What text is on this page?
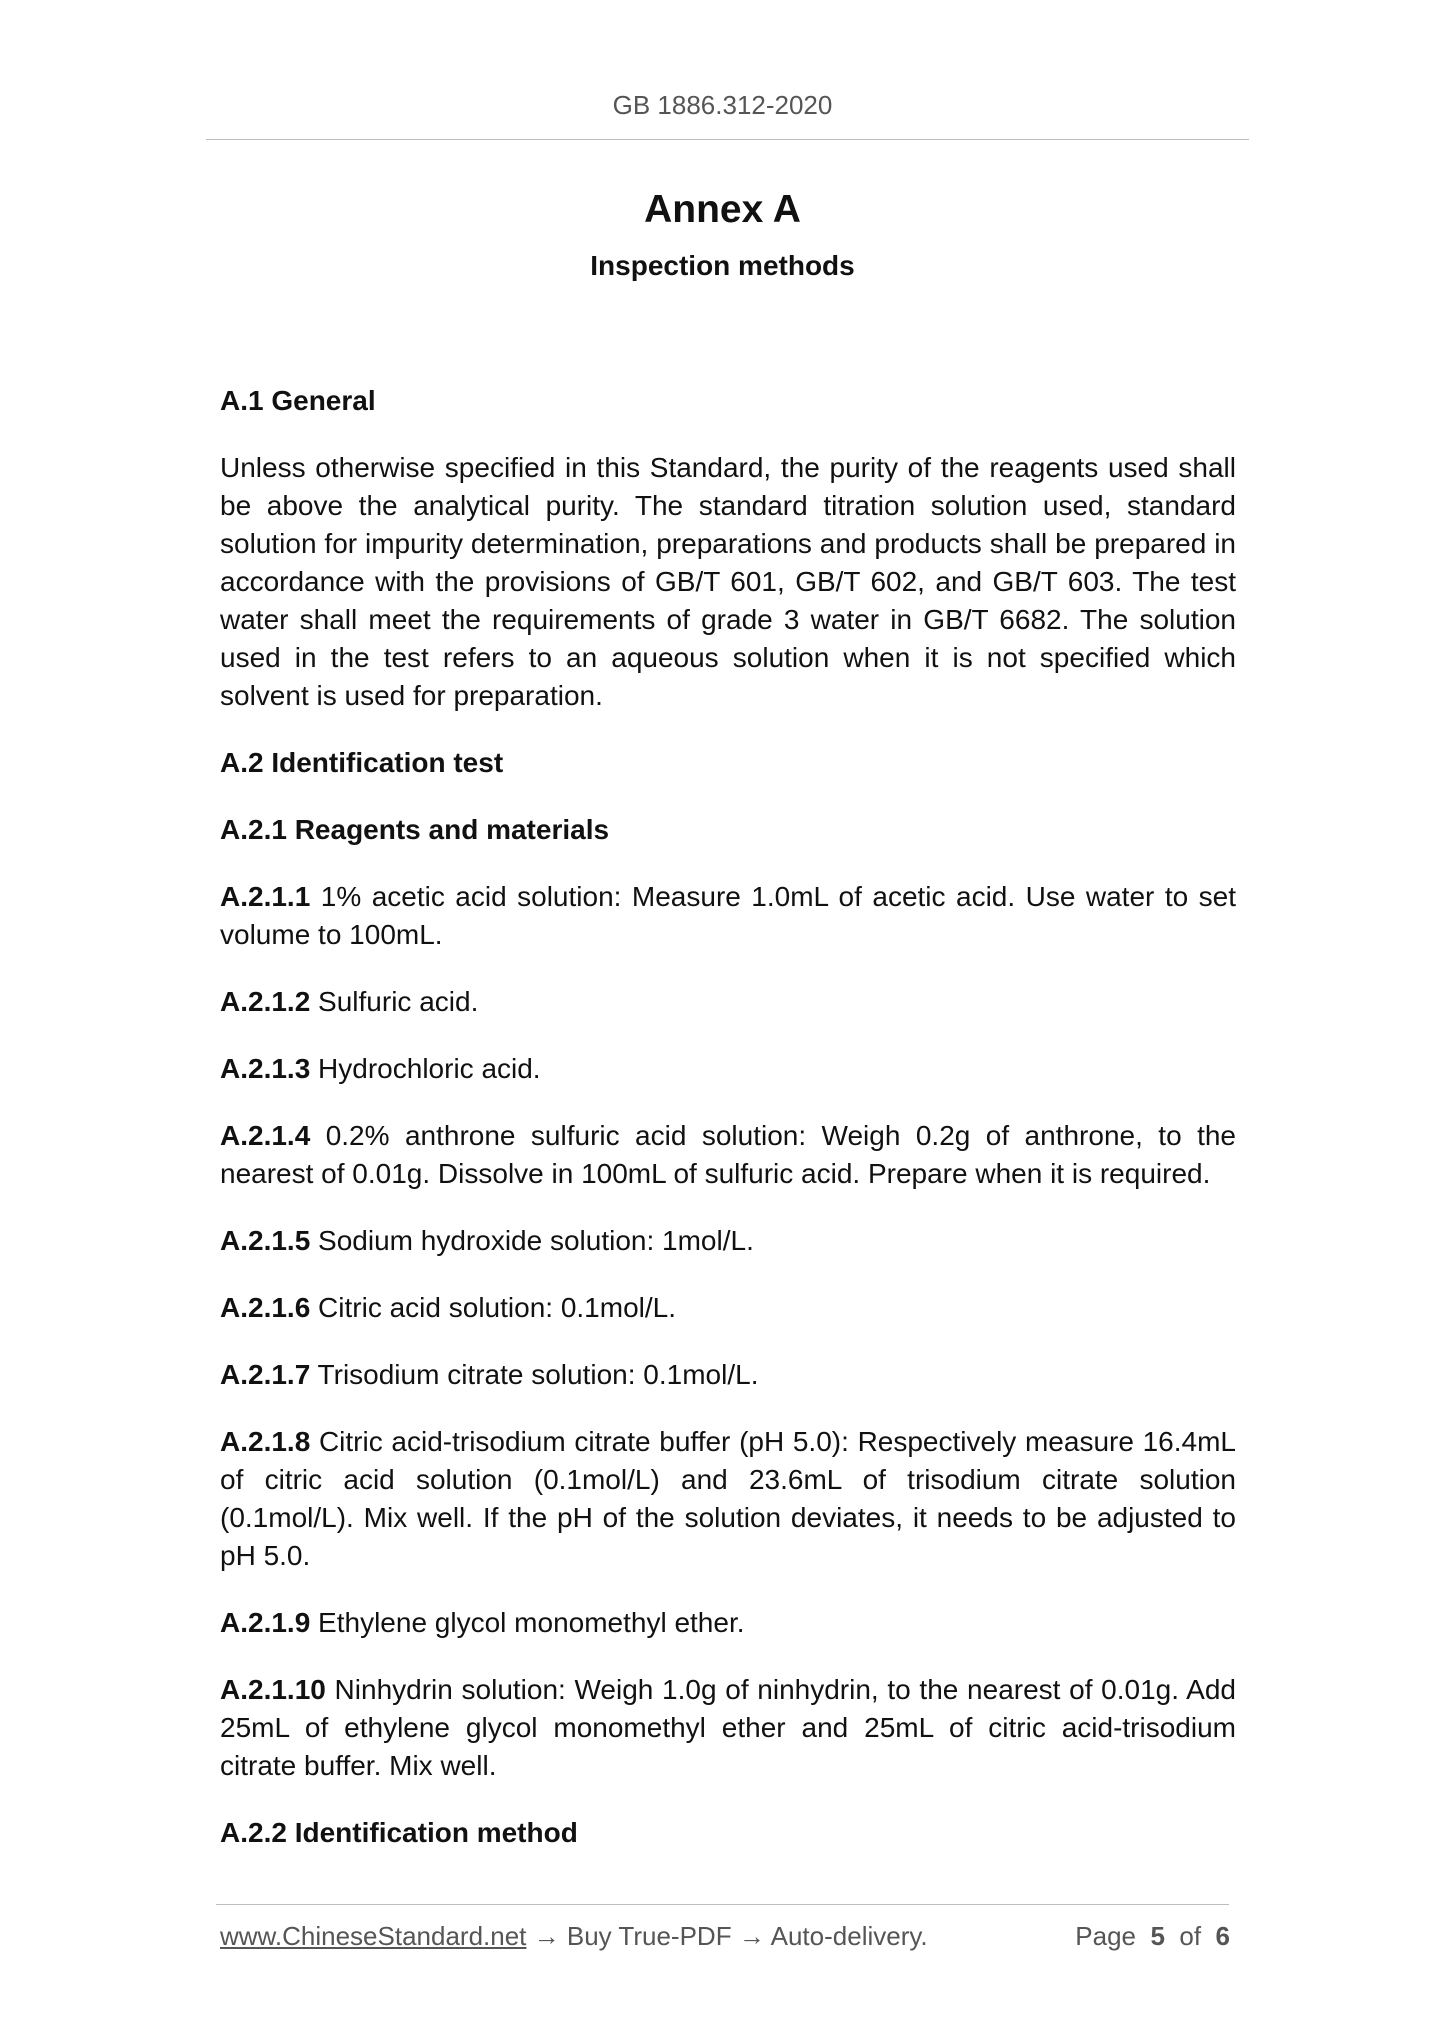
GB 1886.312-2020
Annex A
Inspection methods
A.1 General

Unless otherwise specified in this Standard, the purity of the reagents used shall be above the analytical purity. The standard titration solution used, standard solution for impurity determination, preparations and products shall be prepared in accordance with the provisions of GB/T 601, GB/T 602, and GB/T 603. The test water shall meet the requirements of grade 3 water in GB/T 6682. The solution used in the test refers to an aqueous solution when it is not specified which solvent is used for preparation.

A.2 Identification test
A.2.1 Reagents and materials

A.2.1.1 1% acetic acid solution: Measure 1.0mL of acetic acid. Use water to set volume to 100mL.

A.2.1.2 Sulfuric acid.

A.2.1.3 Hydrochloric acid.

A.2.1.4 0.2% anthrone sulfuric acid solution: Weigh 0.2g of anthrone, to the nearest of 0.01g. Dissolve in 100mL of sulfuric acid. Prepare when it is required.

A.2.1.5 Sodium hydroxide solution: 1mol/L.

A.2.1.6 Citric acid solution: 0.1mol/L.

A.2.1.7 Trisodium citrate solution: 0.1mol/L.

A.2.1.8 Citric acid-trisodium citrate buffer (pH 5.0): Respectively measure 16.4mL of citric acid solution (0.1mol/L) and 23.6mL of trisodium citrate solution (0.1mol/L). Mix well. If the pH of the solution deviates, it needs to be adjusted to pH 5.0.

A.2.1.9 Ethylene glycol monomethyl ether.

A.2.1.10 Ninhydrin solution: Weigh 1.0g of ninhydrin, to the nearest of 0.01g. Add 25mL of ethylene glycol monomethyl ether and 25mL of citric acid-trisodium citrate buffer. Mix well.

A.2.2 Identification method
www.ChineseStandard.net → Buy True-PDF → Auto-delivery.	Page 5 of 6
